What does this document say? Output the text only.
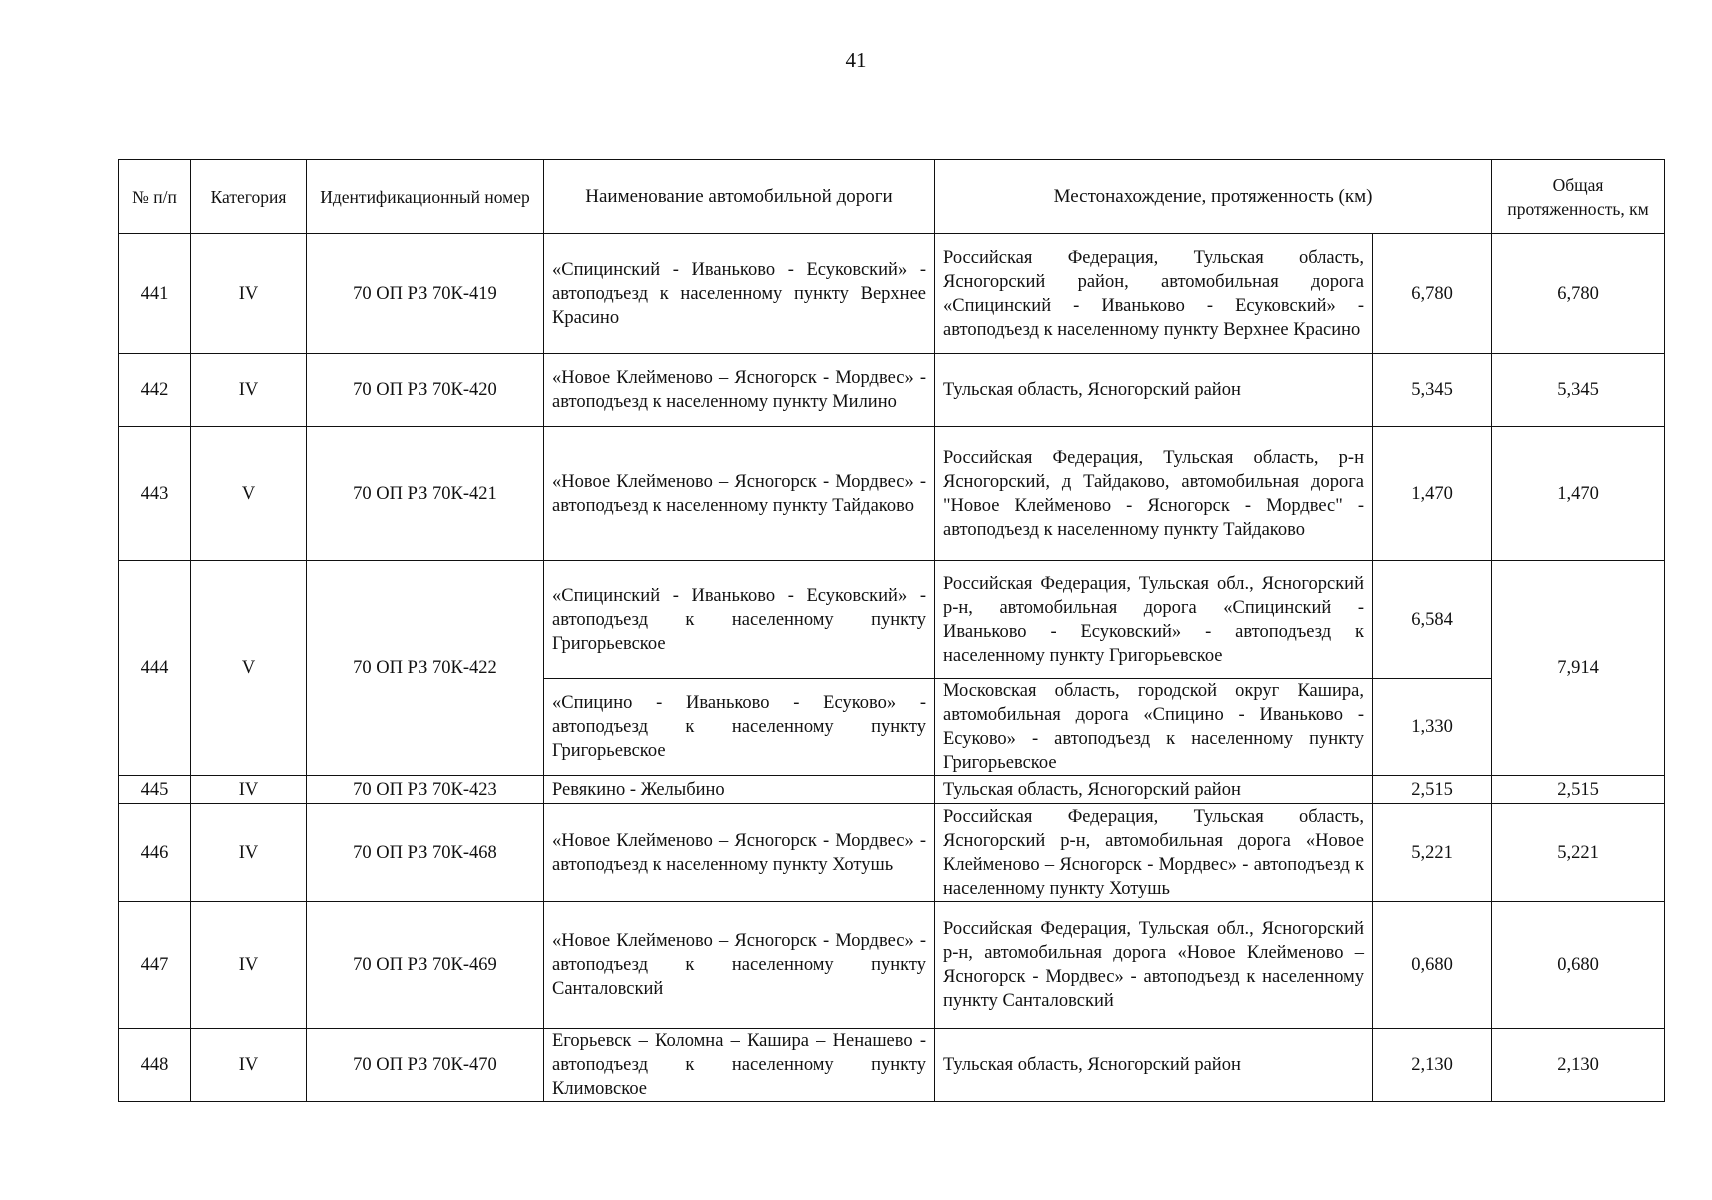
41
№ п/п	Категория	Идентификационный номер	Наименование автомобильной дороги	Местонахождение, протяженность (км)		Общая протяженность, км
441	IV	70 ОП РЗ 70К-419	«Спицинский - Иваньково - Есуковский» - автоподъезд к населенному пункту Верхнее Красино	Российская Федерация, Тульская область, Ясногорский район, автомобильная дорога «Спицинский - Иваньково - Есуковский» - автоподъезд к населенному пункту Верхнее Красино	6,780	6,780
442	IV	70 ОП РЗ 70К-420	«Новое Клейменово – Ясногорск - Мордвес» - автоподъезд к населенному пункту Милино	Тульская область, Ясногорский район	5,345	5,345
443	V	70 ОП РЗ 70К-421	«Новое Клейменово – Ясногорск - Мордвес» - автоподъезд к населенному пункту Тайдаково	Российская Федерация, Тульская область, р-н Ясногорский, д Тайдаково, автомобильная дорога "Новое Клейменово - Ясногорск - Мордвес" - автоподъезд к населенному пункту Тайдаково	1,470	1,470
444	V	70 ОП РЗ 70К-422	«Спицинский - Иваньково - Есуковский» - автоподъезд к населенному пункту Григорьевское	Российская Федерация, Тульская обл., Ясногорский р-н, автомобильная дорога «Спицинский - Иваньково - Есуковский» - автоподъезд к населенному пункту Григорьевское	6,584	7,914
			«Спицино - Иваньково - Есуково» - автоподъезд к населенному пункту Григорьевское	Московская область, городской округ Кашира, автомобильная дорога «Спицино - Иваньково - Есуково» - автоподъезд к населенному пункту Григорьевское	1,330	
445	IV	70 ОП РЗ 70К-423	Ревякино - Желыбино	Тульская область, Ясногорский район	2,515	2,515
446	IV	70 ОП РЗ 70К-468	«Новое Клейменово – Ясногорск - Мордвес» - автоподъезд к населенному пункту Хотушь	Российская Федерация, Тульская область, Ясногорский р-н, автомобильная дорога «Новое Клейменово – Ясногорск - Мордвес» - автоподъезд к населенному пункту Хотушь	5,221	5,221
447	IV	70 ОП РЗ 70К-469	«Новое Клейменово – Ясногорск - Мордвес» - автоподъезд к населенному пункту Санталовский	Российская Федерация, Тульская обл., Ясногорский р-н, автомобильная дорога «Новое Клейменово – Ясногорск - Мордвес» - автоподъезд к населенному пункту Санталовский	0,680	0,680
448	IV	70 ОП РЗ 70К-470	Егорьевск – Коломна – Кашира – Ненашево - автоподъезд к населенному пункту Климовское	Тульская область, Ясногорский район	2,130	2,130
